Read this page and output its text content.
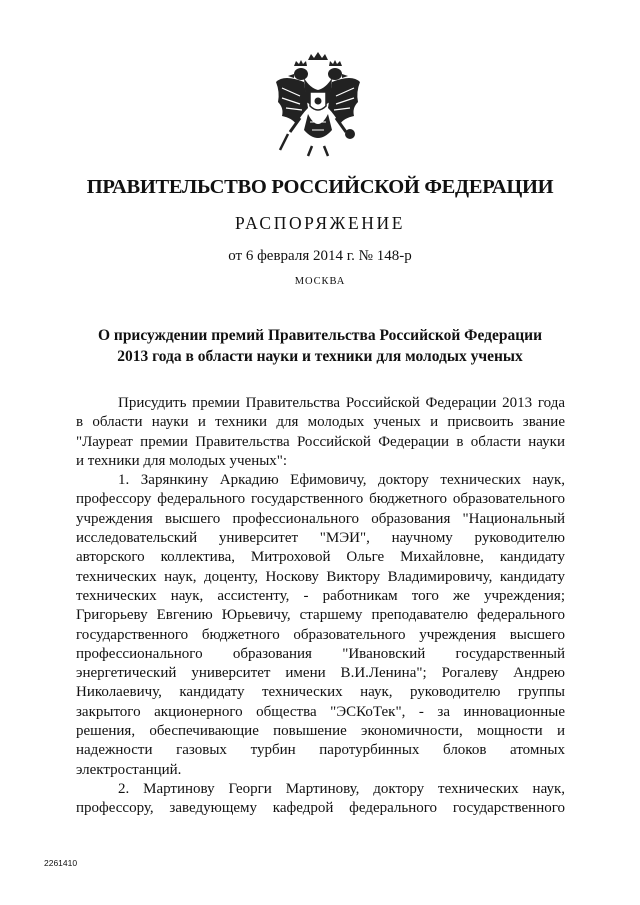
ПРАВИТЕЛЬСТВО РОССИЙСКОЙ ФЕДЕРАЦИИ
РАСПОРЯЖЕНИЕ
от 6 февраля 2014 г. № 148-р
МОСКВА
О присуждении премий Правительства Российской Федерации
2013 года в области науки и техники для молодых ученых

Присудить премии Правительства Российской Федерации 2013 года

в области науки и техники для молодых ученых и присвоить звание

"Лауреат премии Правительства Российской Федерации в области науки

и техники для молодых ученых":

1. Зарянкину Аркадию Ефимовичу, доктору технических наук,

профессору федерального государственного бюджетного образовательного

учреждения высшего профессионального образования "Национальный

исследовательский университет "МЭИ", научному руководителю

авторского коллектива, Митроховой Ольге Михайловне, кандидату

технических наук, доценту, Носкову Виктору Владимировичу, кандидату

технических наук, ассистенту, - работникам того же учреждения;

Григорьеву Евгению Юрьевичу, старшему преподавателю федерального

государственного бюджетного образовательного учреждения высшего

профессионального образования "Ивановский государственный

энергетический университет имени В.И.Ленина"; Рогалеву Андрею

Николаевичу, кандидату технических наук, руководителю группы

закрытого акционерного общества "ЭСКоТек", - за инновационные

решения, обеспечивающие повышение экономичности, мощности и

надежности газовых турбин паротурбинных блоков атомных

электростанций.

2. Мартинову Георги Мартинову, доктору технических наук,

профессору, заведующему кафедрой федерального государственного

2261410
